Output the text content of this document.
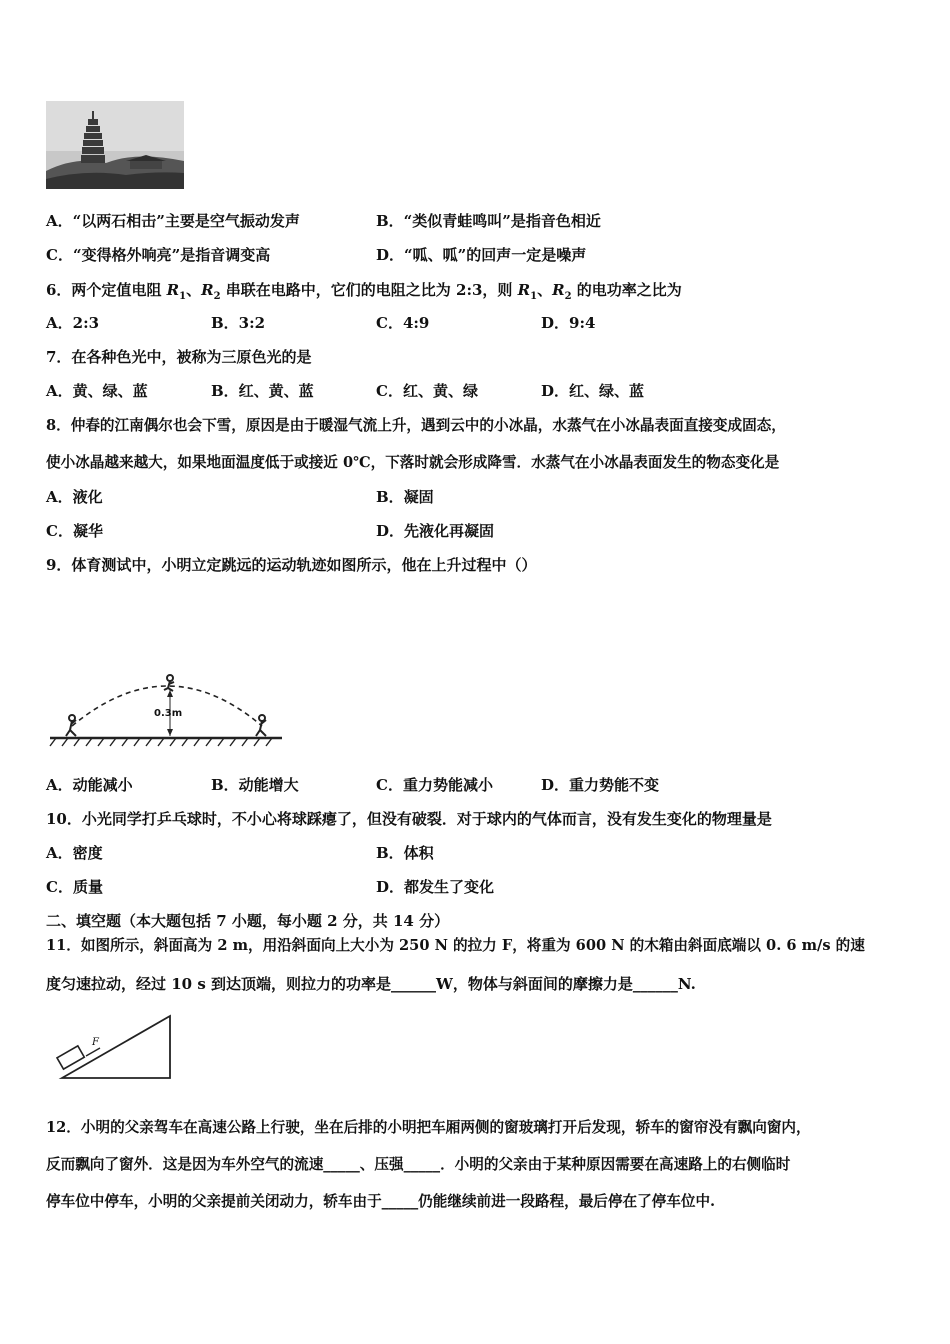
A．“以两石相击”主要是空气振动发声	B．“类似青蛙鸣叫”是指音色相近
C．“变得格外响亮”是指音调变高	D．“呱、呱”的回声一定是噪声
6．两个定值电阻 $R_1$、$R_2$ 串联在电路中，它们的电阻之比为 2:3，则 $R_1$、$R_2$ 的电功率之比为
A．2:3	B．3:2	C．4:9	D．9:4
7．在各种色光中，被称为三原色光的是
A．黄、绿、蓝	B．红、黄、蓝	C．红、黄、绿	D．红、绿、蓝
8．仲春的江南偶尔也会下雪，原因是由于暖湿气流上升，遇到云中的小冰晶，水蒸气在小冰晶表面直接变成固态，
使小冰晶越来越大，如果地面温度低于或接近 0℃，下落时就会形成降雪．水蒸气在小冰晶表面发生的物态变化是
A．液化	B．凝固
C．凝华	D．先液化再凝固
9．体育测试中，小明立定跳远的运动轨迹如图所示，他在上升过程中（）
0.3m
A．动能减小	B．动能增大	C．重力势能减小	D．重力势能不变
10．小光同学打乒乓球时，不小心将球踩瘪了，但没有破裂．对于球内的气体而言，没有发生变化的物理量是
A．密度	B．体积
C．质量	D．都发生了变化
二、填空题（本大题包括 7 小题，每小题 2 分，共 14 分）
11．如图所示，斜面高为 2 m，用沿斜面向上大小为 250 N 的拉力 F，将重为 600 N 的木箱由斜面底端以 0. 6 m/s 的速
度匀速拉动，经过 10 s 到达顶端，则拉力的功率是______W，物体与斜面间的摩擦力是______N.
F
12．小明的父亲驾车在高速公路上行驶，坐在后排的小明把车厢两侧的窗玻璃打开后发现，轿车的窗帘没有飘向窗内，
反而飘向了窗外．这是因为车外空气的流速_____、压强_____．小明的父亲由于某种原因需要在高速路上的右侧临时
停车位中停车，小明的父亲提前关闭动力，轿车由于_____仍能继续前进一段路程，最后停在了停车位中.
